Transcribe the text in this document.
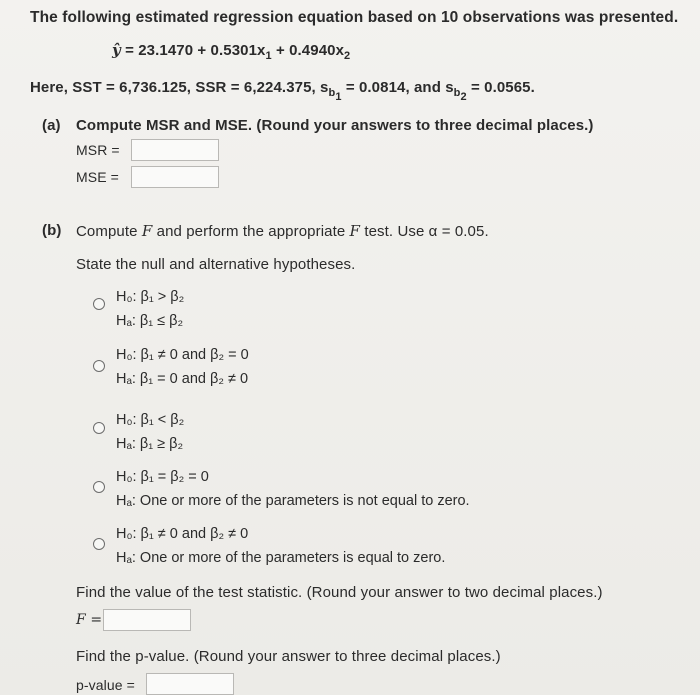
The following estimated regression equation based on 10 observations was presented.
ŷ = $23.1470 + 0.5301x_1 + 0.4940x_2$
Here, SST = 6,736.125, SSR = 6,224.375, $s_{b_1} = 0.0814$, and $s_{b_2} = 0.0565$.
(a) Compute MSR and MSE. (Round your answers to three decimal places.)
MSR =
MSE =
(b) Compute F and perform the appropriate F test. Use α = 0.05.
State the null and alternative hypotheses.
H₀: β₁ > β₂
Hₐ: β₁ ≤ β₂
H₀: β₁ ≠ 0 and β₂ = 0
Hₐ: β₁ = 0 and β₂ ≠ 0
H₀: β₁ < β₂
Hₐ: β₁ ≥ β₂
H₀: β₁ = β₂ = 0
Hₐ: One or more of the parameters is not equal to zero.
H₀: β₁ ≠ 0 and β₂ ≠ 0
Hₐ: One or more of the parameters is equal to zero.
Find the value of the test statistic. (Round your answer to two decimal places.)
F =
Find the p-value. (Round your answer to three decimal places.)
p-value =
